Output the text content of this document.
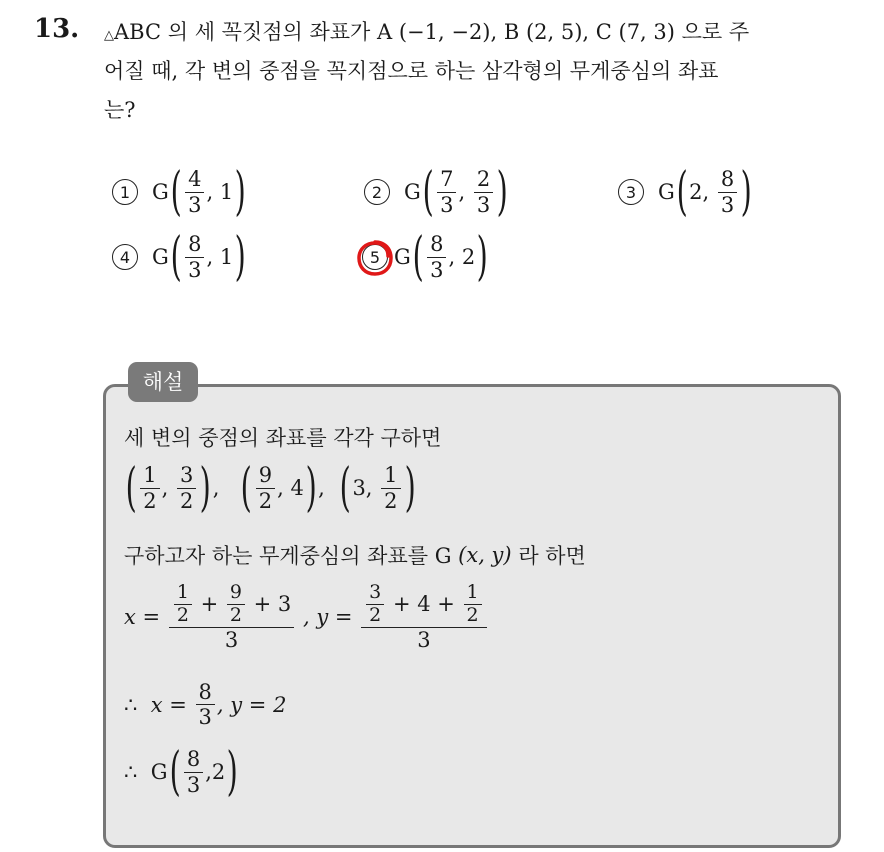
13. △ABC 의 세 꼭짓점의 좌표가 A (−1, −2), B (2, 5), C (7, 3) 으로 주
어질 때, 각 변의 중점을 꼭지점으로 하는 삼각형의 무게중심의 좌표
는?
1	G ( $\frac{4}{3}$ , 1 )	2	G ( $\frac{7}{3}$ , $\frac{2}{3}$ )	3	G ( 2,
$\frac{8}{3}$ )
4	G ( $\frac{8}{3}$ , 1 )	5 G ( $\frac{8}{3}$ , 2 )
해설
세 변의 중점의 좌표를 각각 구하면
( $\frac{1}{2}$ , $\frac{3}{2}$ ) , ( $\frac{9}{2}$ , 4 ) , ( 3,
$\frac{1}{2}$ )
구하고자 하는 무게중심의 좌표를 G
(x, y)
라 하면
x =
$\frac{1}{2} + \frac{9}{2}$
+ 3
3
, y =
$\frac{3}{2}$
+ 4 +
$\frac{1}{2}$
3
∴
x =
$\frac{8}{3}$ , y = 2
∴
G ( $\frac{8}{3} ,2$ )
